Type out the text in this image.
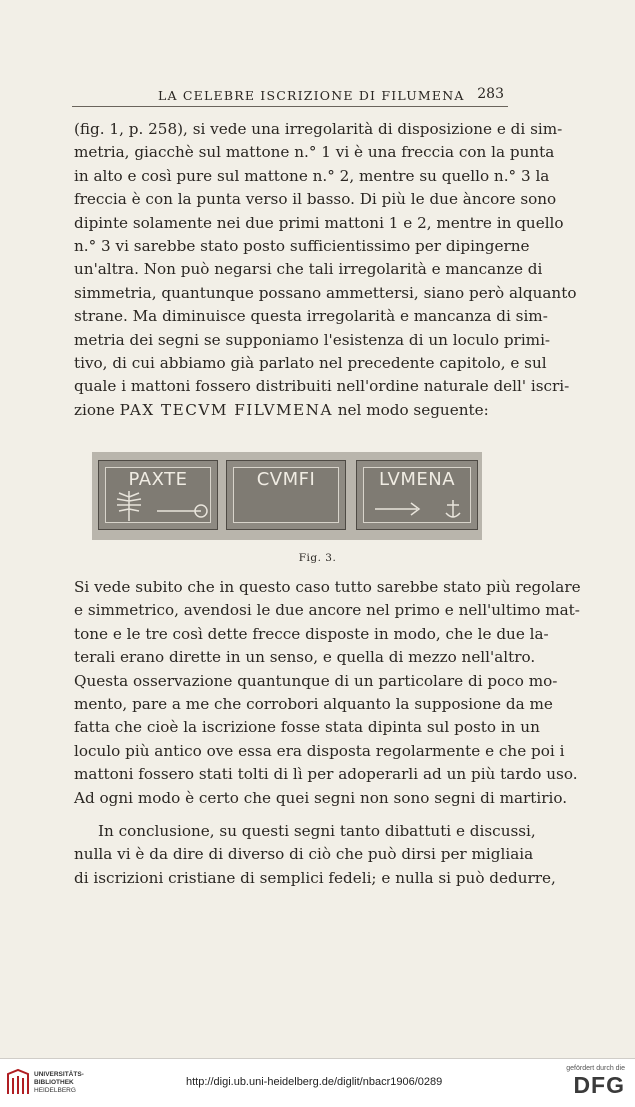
LA CELEBRE ISCRIZIONE DI FILUMENA 283
(fig. 1, p. 258), si vede una irregolarità di disposizione e di sim-
metria, giacchè sul mattone n.° 1 vi è una freccia con la punta
in alto e così pure sul mattone n.° 2, mentre su quello n.° 3 la
freccia è con la punta verso il basso. Di più le due àncore sono
dipinte solamente nei due primi mattoni 1 e 2, mentre in quello
n.° 3 vi sarebbe stato posto sufficientissimo per dipingerne
un'altra. Non può negarsi che tali irregolarità e mancanze di
simmetria, quantunque possano ammettersi, siano però alquanto
strane. Ma diminuisce questa irregolarità e mancanza di sim-
metria dei segni se supponiamo l'esistenza di un loculo primi-
tivo, di cui abbiamo già parlato nel precedente capitolo, e sul
quale i mattoni fossero distribuiti nell'ordine naturale dell' iscri-
zione PAX TECVM FILVMENA nel modo seguente:
PAXTE	CVMFI	LVMENA
Fig. 3.
Si vede subito che in questo caso tutto sarebbe stato più regolare
e simmetrico, avendosi le due ancore nel primo e nell'ultimo mat-
tone e le tre così dette frecce disposte in modo, che le due la-
terali erano dirette in un senso, e quella di mezzo nell'altro.
Questa osservazione quantunque di un particolare di poco mo-
mento, pare a me che corrobori alquanto la supposione da me
fatta che cioè la iscrizione fosse stata dipinta sul posto in un
loculo più antico ove essa era disposta regolarmente e che poi i
mattoni fossero stati tolti di lì per adoperarli ad un più tardo uso.
Ad ogni modo è certo che quei segni non sono segni di martirio.
In conclusione, su questi segni tanto dibattuti e discussi,
nulla vi è da dire di diverso di ciò che può dirsi per migliaia
di iscrizioni cristiane di semplici fedeli; e nulla si può dedurre,
UNIVERSITÄTS-
BIBLIOTHEK
HEIDELBERG
http://digi.ub.uni-heidelberg.de/diglit/nbacr1906/0289
gefördert durch die
DFG
